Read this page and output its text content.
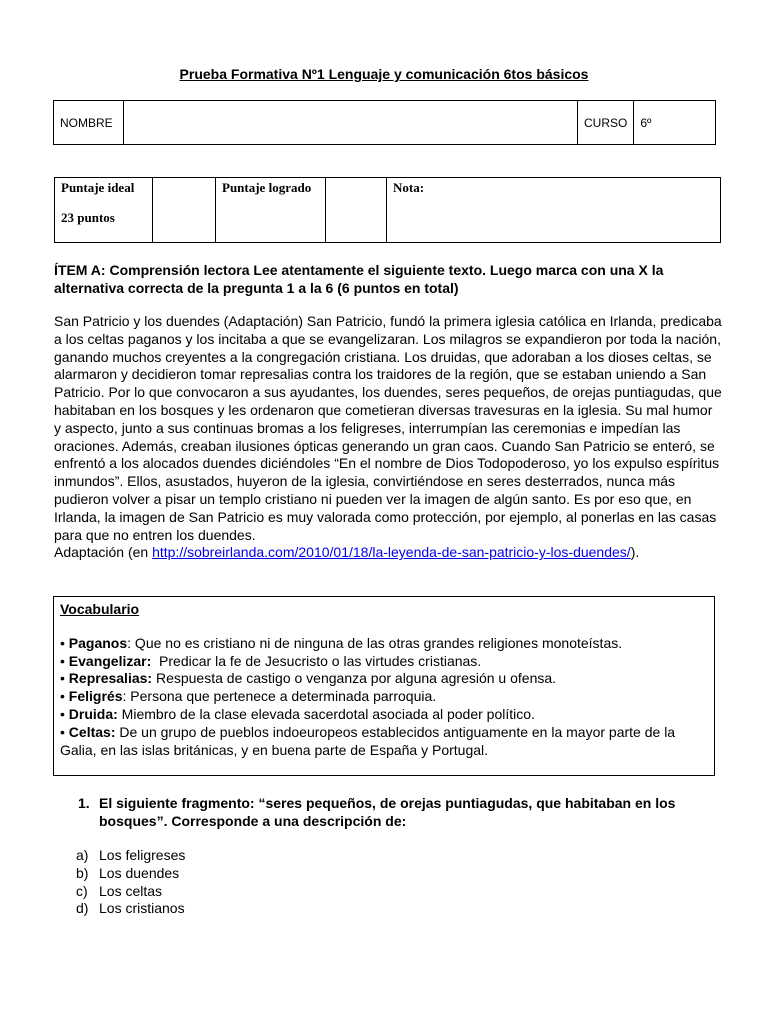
Prueba Formativa Nº1 Lenguaje y comunicación 6tos básicos
NOMBRE		CURSO	6º
Puntaje ideal
23 puntos
		Puntaje logrado		Nota:
ÍTEM A: Comprensión lectora Lee atentamente el siguiente texto. Luego marca con una X la alternativa correcta de la pregunta 1 a la 6 (6 puntos en total)
San Patricio y los duendes (Adaptación) San Patricio, fundó la primera iglesia católica en Irlanda, predicaba a los celtas paganos y los incitaba a que se evangelizaran. Los milagros se expandieron por toda la nación, ganando muchos creyentes a la congregación cristiana. Los druidas, que adoraban a los dioses celtas, se alarmaron y decidieron tomar represalias contra los traidores de la región, que se estaban uniendo a San Patricio. Por lo que convocaron a sus ayudantes, los duendes, seres pequeños, de orejas puntiagudas, que habitaban en los bosques y les ordenaron que cometieran diversas travesuras en la iglesia. Su mal humor y aspecto, junto a sus continuas bromas a los feligreses, interrumpían las ceremonias e impedían las oraciones. Además, creaban ilusiones ópticas generando un gran caos. Cuando San Patricio se enteró, se enfrentó a los alocados duendes diciéndoles “En el nombre de Dios Todopoderoso, yo los expulso espíritus inmundos”. Ellos, asustados, huyeron de la iglesia, convirtiéndose en seres desterrados, nunca más pudieron volver a pisar un templo cristiano ni pueden ver la imagen de algún santo. Es por eso que, en Irlanda, la imagen de San Patricio es muy valorada como protección, por ejemplo, al ponerlas en las casas para que no entren los duendes.
Adaptación (en http://sobreirlanda.com/2010/01/18/la-leyenda-de-san-patricio-y-los-duendes/).
Vocabulario
• Paganos: Que no es cristiano ni de ninguna de las otras grandes religiones monoteístas.
• Evangelizar:  Predicar la fe de Jesucristo o las virtudes cristianas.
• Represalias: Respuesta de castigo o venganza por alguna agresión u ofensa.
• Feligrés: Persona que pertenece a determinada parroquia.
• Druida: Miembro de la clase elevada sacerdotal asociada al poder político.
• Celtas: De un grupo de pueblos indoeuropeos establecidos antiguamente en la mayor parte de la Galia, en las islas británicas, y en buena parte de España y Portugal.
1. El siguiente fragmento: “seres pequeños, de orejas puntiagudas, que habitaban en los bosques”. Corresponde a una descripción de:
a) Los feligreses
b) Los duendes
c) Los celtas
d) Los cristianos
